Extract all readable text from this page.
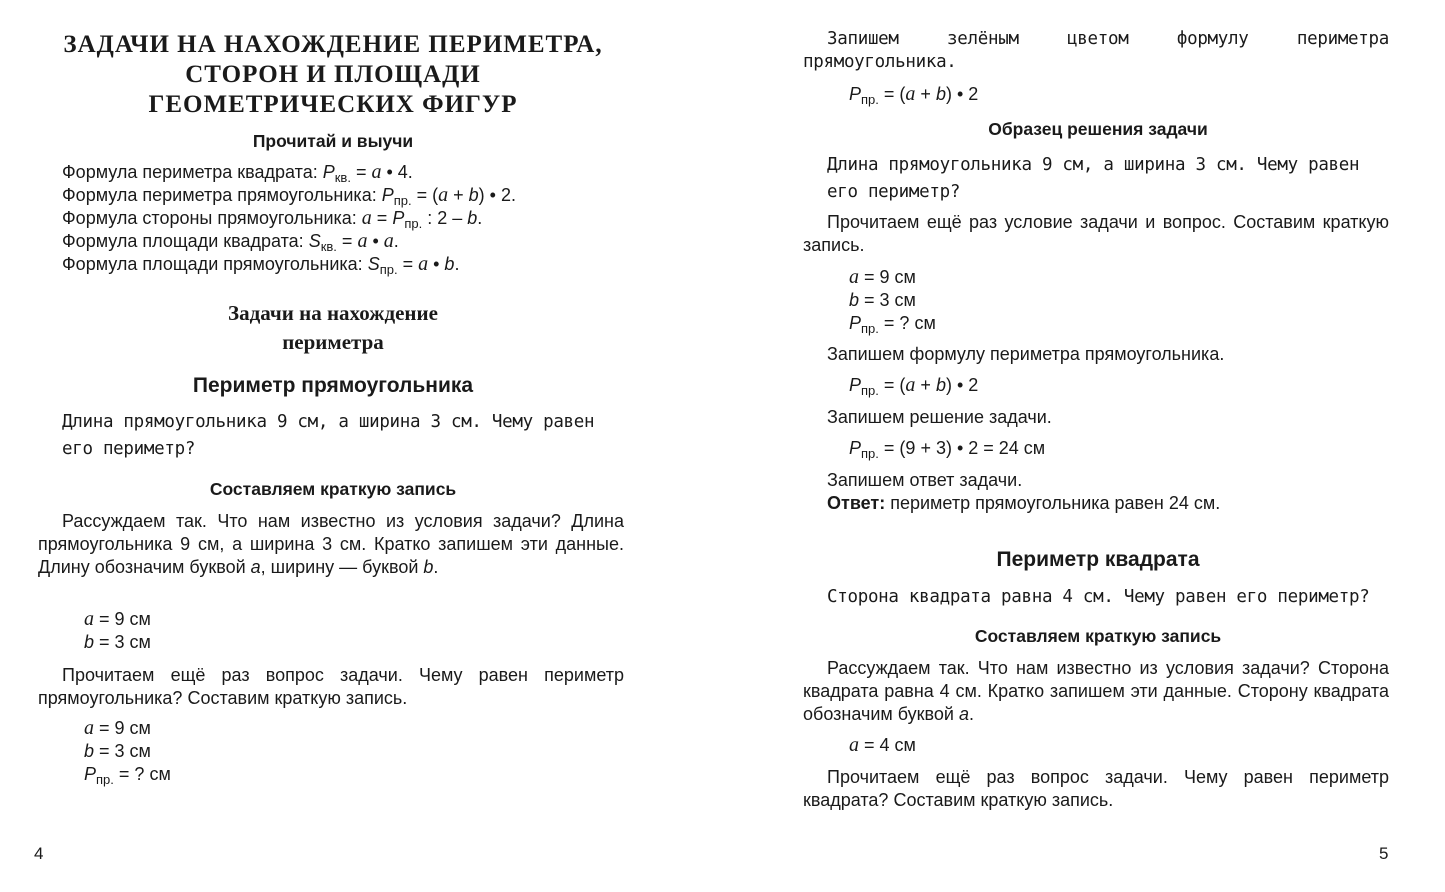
ЗАДАЧИ НА НАХОЖДЕНИЕ ПЕРИМЕТРА,
СТОРОН И ПЛОЩАДИ
ГЕОМЕТРИЧЕСКИХ ФИГУР
Прочитай и выучи
Формула периметра квадрата: $P_{кв.} = a$ • 4.
Формула периметра прямоугольника: $P_{пр.} = (a + b)$ • 2.
Формула стороны прямоугольника: $a = P_{пр.}$ : 2 – b.
Формула площади квадрата: $S_{кв.} = a$ • a.
Формула площади прямоугольника: $S_{пр.} = a$ • b.
Задачи на нахождение
периметра
Периметр прямоугольника
Длина прямоугольника 9 см, а ширина 3 см. Чему равен его периметр?
Составляем краткую запись
Рассуждаем так. Что нам известно из условия задачи? Длина прямоугольника 9 см, а ширина 3 см. Кратко запишем эти данные. Длину обозначим буквой a, ширину — буквой b.
a = 9 см
b = 3 см
Прочитаем ещё раз вопрос задачи. Чему равен периметр прямоугольника? Составим краткую запись.
a = 9 см
b = 3 см
$P_{пр.}$ = ? см
4
Запишем зелёным цветом формулу периметра прямоугольника.
$P_{пр.} = (a + b)$ • 2
Образец решения задачи
Длина прямоугольника 9 см, а ширина 3 см. Чему равен его периметр?
Прочитаем ещё раз условие задачи и вопрос. Составим краткую запись.
a = 9 см
b = 3 см
$P_{пр.}$ = ? см
Запишем формулу периметра прямоугольника.
$P_{пр.} = (a + b)$ • 2
Запишем решение задачи.
$P_{пр.} = (9 + 3)$ • 2 = 24 см
Запишем ответ задачи.
Ответ: периметр прямоугольника равен 24 см.
Периметр квадрата
Сторона квадрата равна 4 см. Чему равен его периметр?
Составляем краткую запись
Рассуждаем так. Что нам известно из условия задачи? Сторона квадрата равна 4 см. Кратко запишем эти данные. Сторону квадрата обозначим буквой a.
a = 4 см
Прочитаем ещё раз вопрос задачи. Чему равен периметр квадрата? Составим краткую запись.
5
